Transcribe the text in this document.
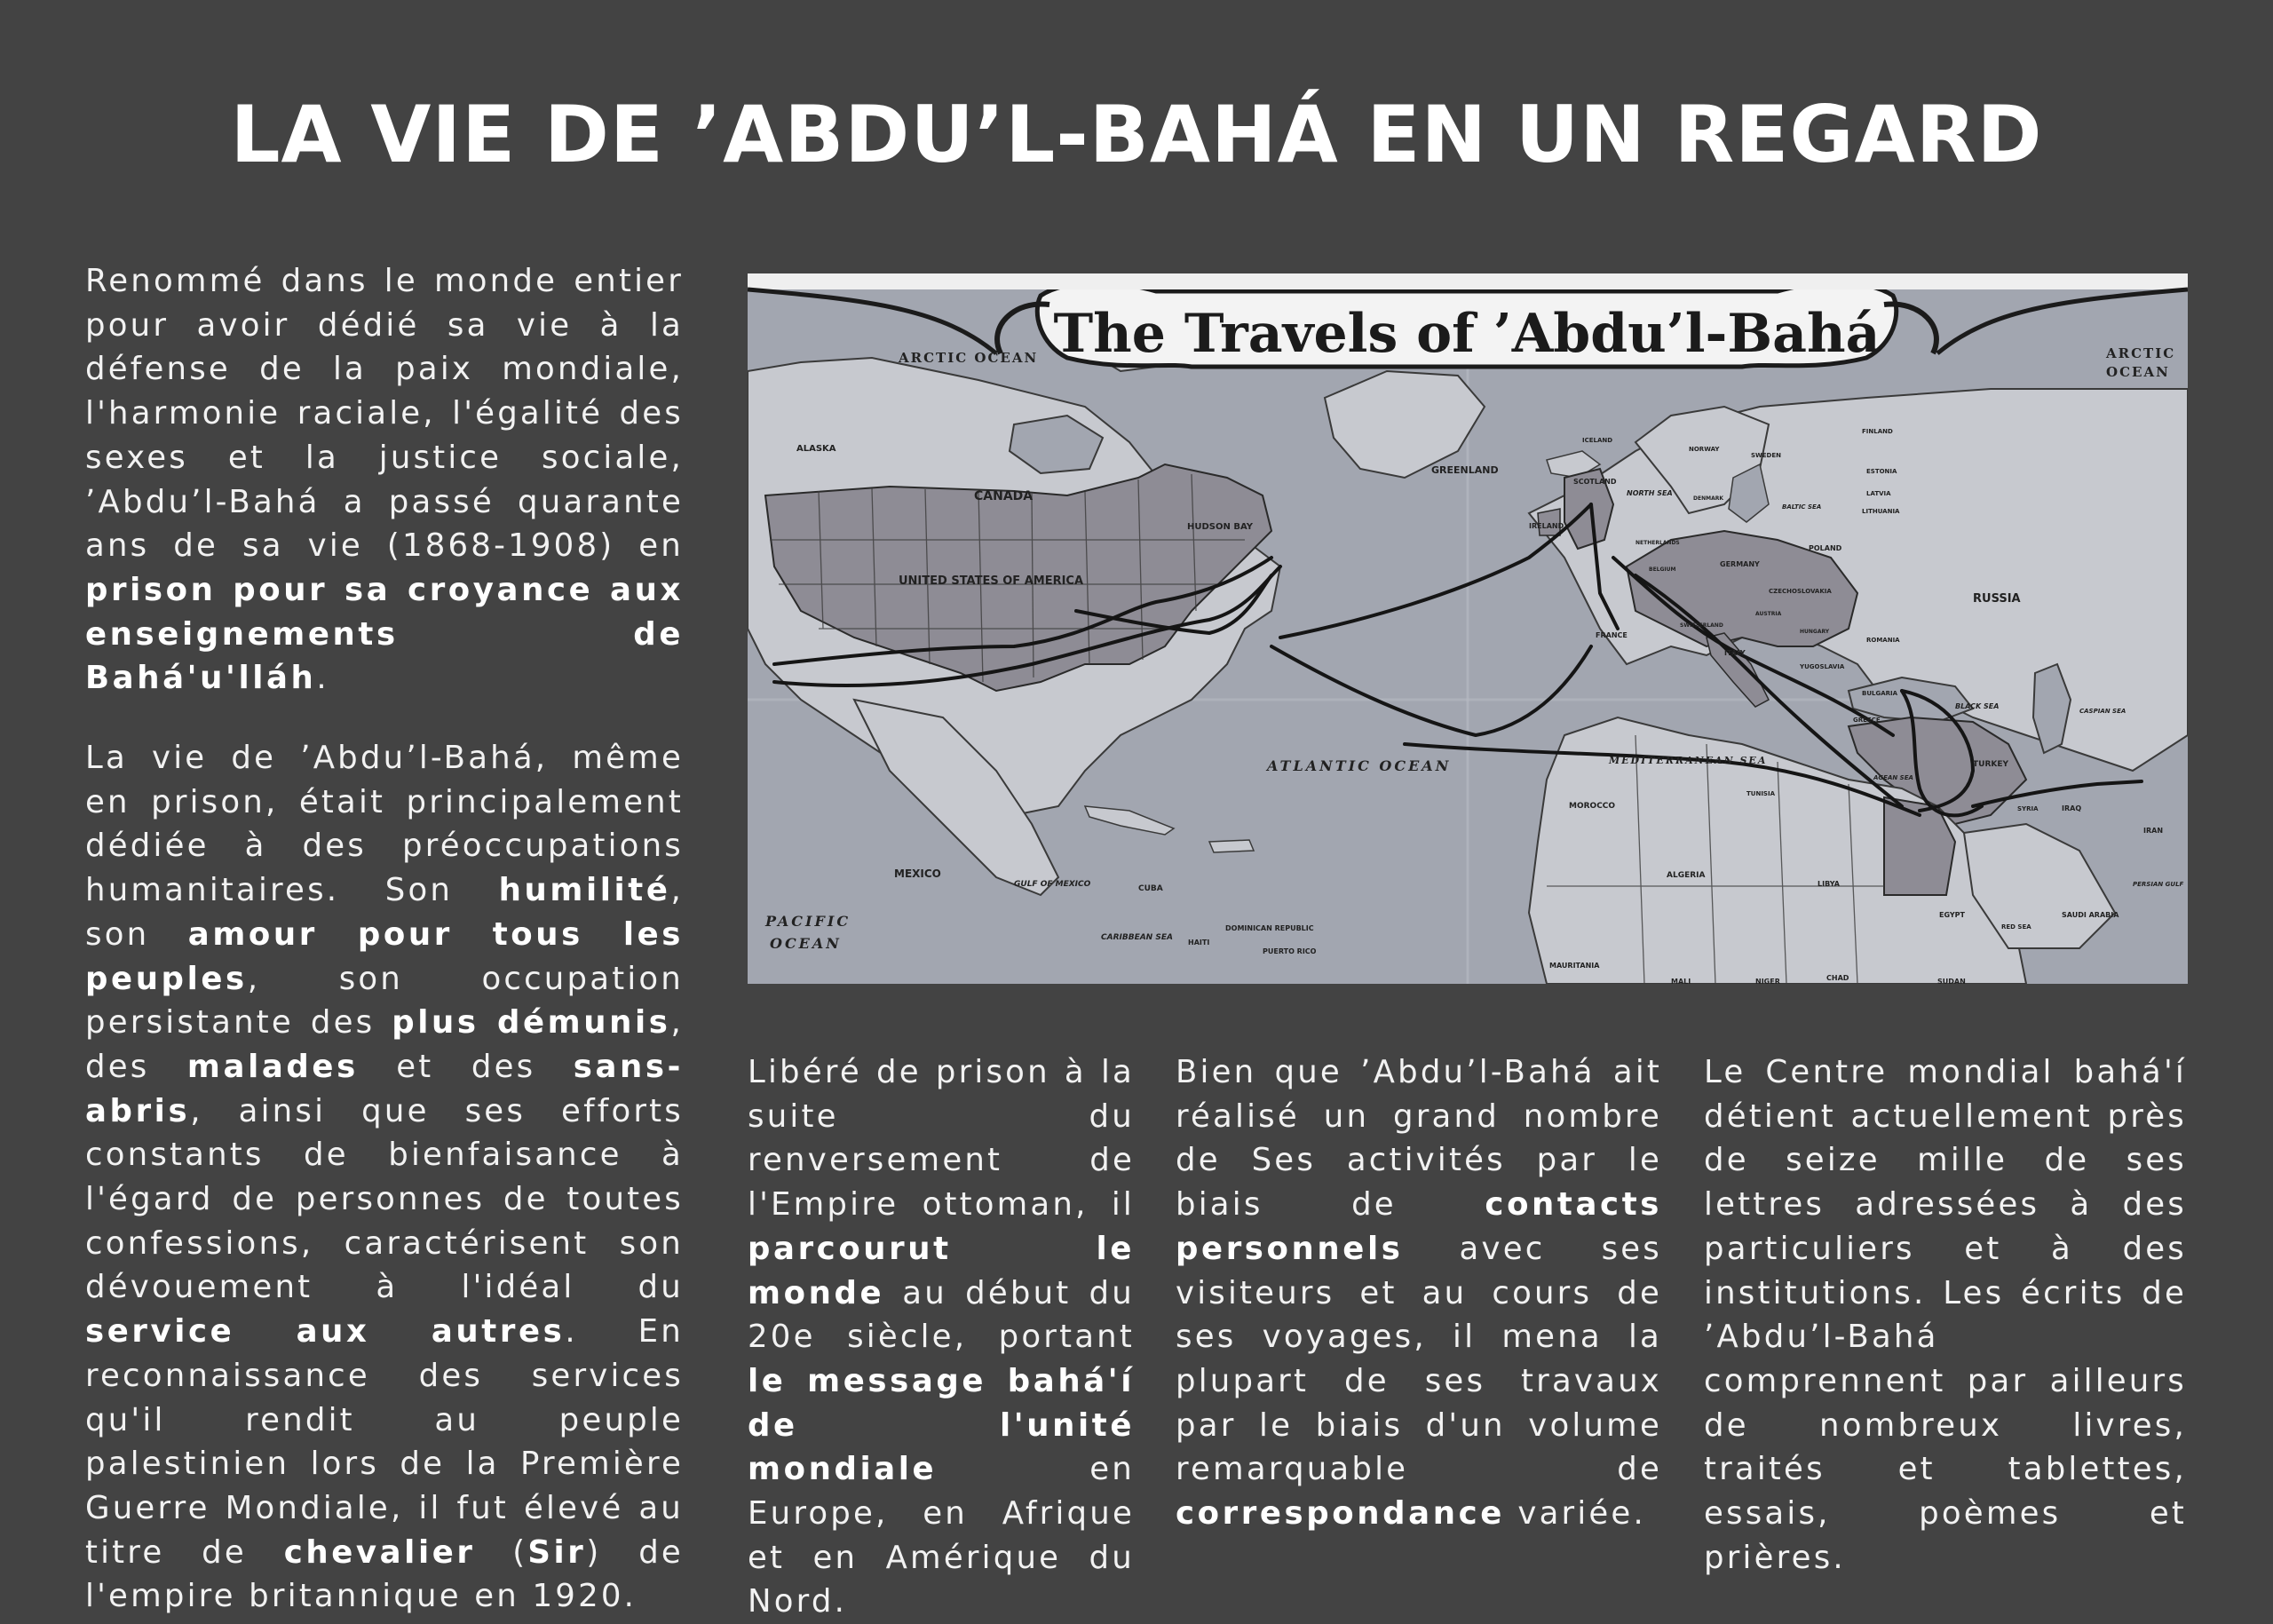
LA VIE DE ’ABDU’L-BAHÁ EN UN REGARD

Renommé dans le monde entier pour avoir dédié sa vie à la défense de la paix mondiale, l'harmonie raciale, l'égalité des sexes et la justice sociale, ’Abdu’l-Bahá a passé quarante ans de sa vie (1868-1908) en prison pour sa croyance aux enseignements de Bahá'u'lláh.

La vie de ’Abdu’l-Bahá, même en prison, était principalement dédiée à des préoccupations humanitaires. Son humilité, son amour pour tous les peuples, son occupation persistante des plus démunis, des malades et des sans-abris, ainsi que ses efforts constants de bienfaisance à l'égard de personnes de toutes confessions, caractérisent son dévouement à l'idéal du service aux autres. En reconnaissance des services qu'il rendit au peuple palestinien lors de la Première Guerre Mondiale, il fut élevé au titre de chevalier (Sir) de l'empire britannique en 1920.

The Travels of ’Abdu’l-Bahá
ARCTIC OCEAN	ARCTIC
OCEAN
ALASKA
CANADA
HUDSON BAY
UNITED STATES OF AMERICA
MEXICO
GULF OF MEXICO	CUBA
CARIBBEAN SEA
HAITI
DOMINICAN REPUBLIC
PUERTO RICO
PACIFIC
OCEAN
ATLANTIC OCEAN
GREENLAND
ICELAND
IRELAND
SCOTLAND
NORTH SEA
NORWAY
SWEDEN
FINLAND
BALTIC SEA
ESTONIA
LATVIA
LITHUANIA
DENMARK
NETHERLANDS
BELGIUM
GERMANY
POLAND
CZECHOSLOVAKIA
FRANCE
SWITZERLAND
AUSTRIA
HUNGARY
ROMANIA
RUSSIA
ITALY
YUGOSLAVIA
BULGARIA
BLACK SEA
CASPIAN SEA
GREECE
TURKEY
AGEAN SEA
MEDITERRANEAN SEA
SYRIA	IRAQ
IRAN
MOROCCO
TUNISIA
ALGERIA
LIBYA
EGYPT
RED SEA
SAUDI ARABIA
PERSIAN GULF
MAURITANIA
MALI	NIGER	CHAD	SUDAN

Libéré de prison à la suite du renversement de l'Empire ottoman, il parcourut le monde au début du 20e siècle, portant le message bahá'í de l'unité mondiale en Europe, en Afrique et en Amérique du Nord.

Bien que ’Abdu’l-Bahá ait réalisé un grand nombre de Ses activités par le biais de contacts personnels avec ses visiteurs et au cours de ses voyages, il mena la plupart de ses travaux par le biais d'un volume remarquable de correspondance variée.

Le Centre mondial bahá'í détient actuellement près de seize mille de ses lettres adressées à des particuliers et à des institutions. Les écrits de ’Abdu’l-Bahá comprennent par ailleurs de nombreux livres, traités et tablettes, essais, poèmes et prières.
